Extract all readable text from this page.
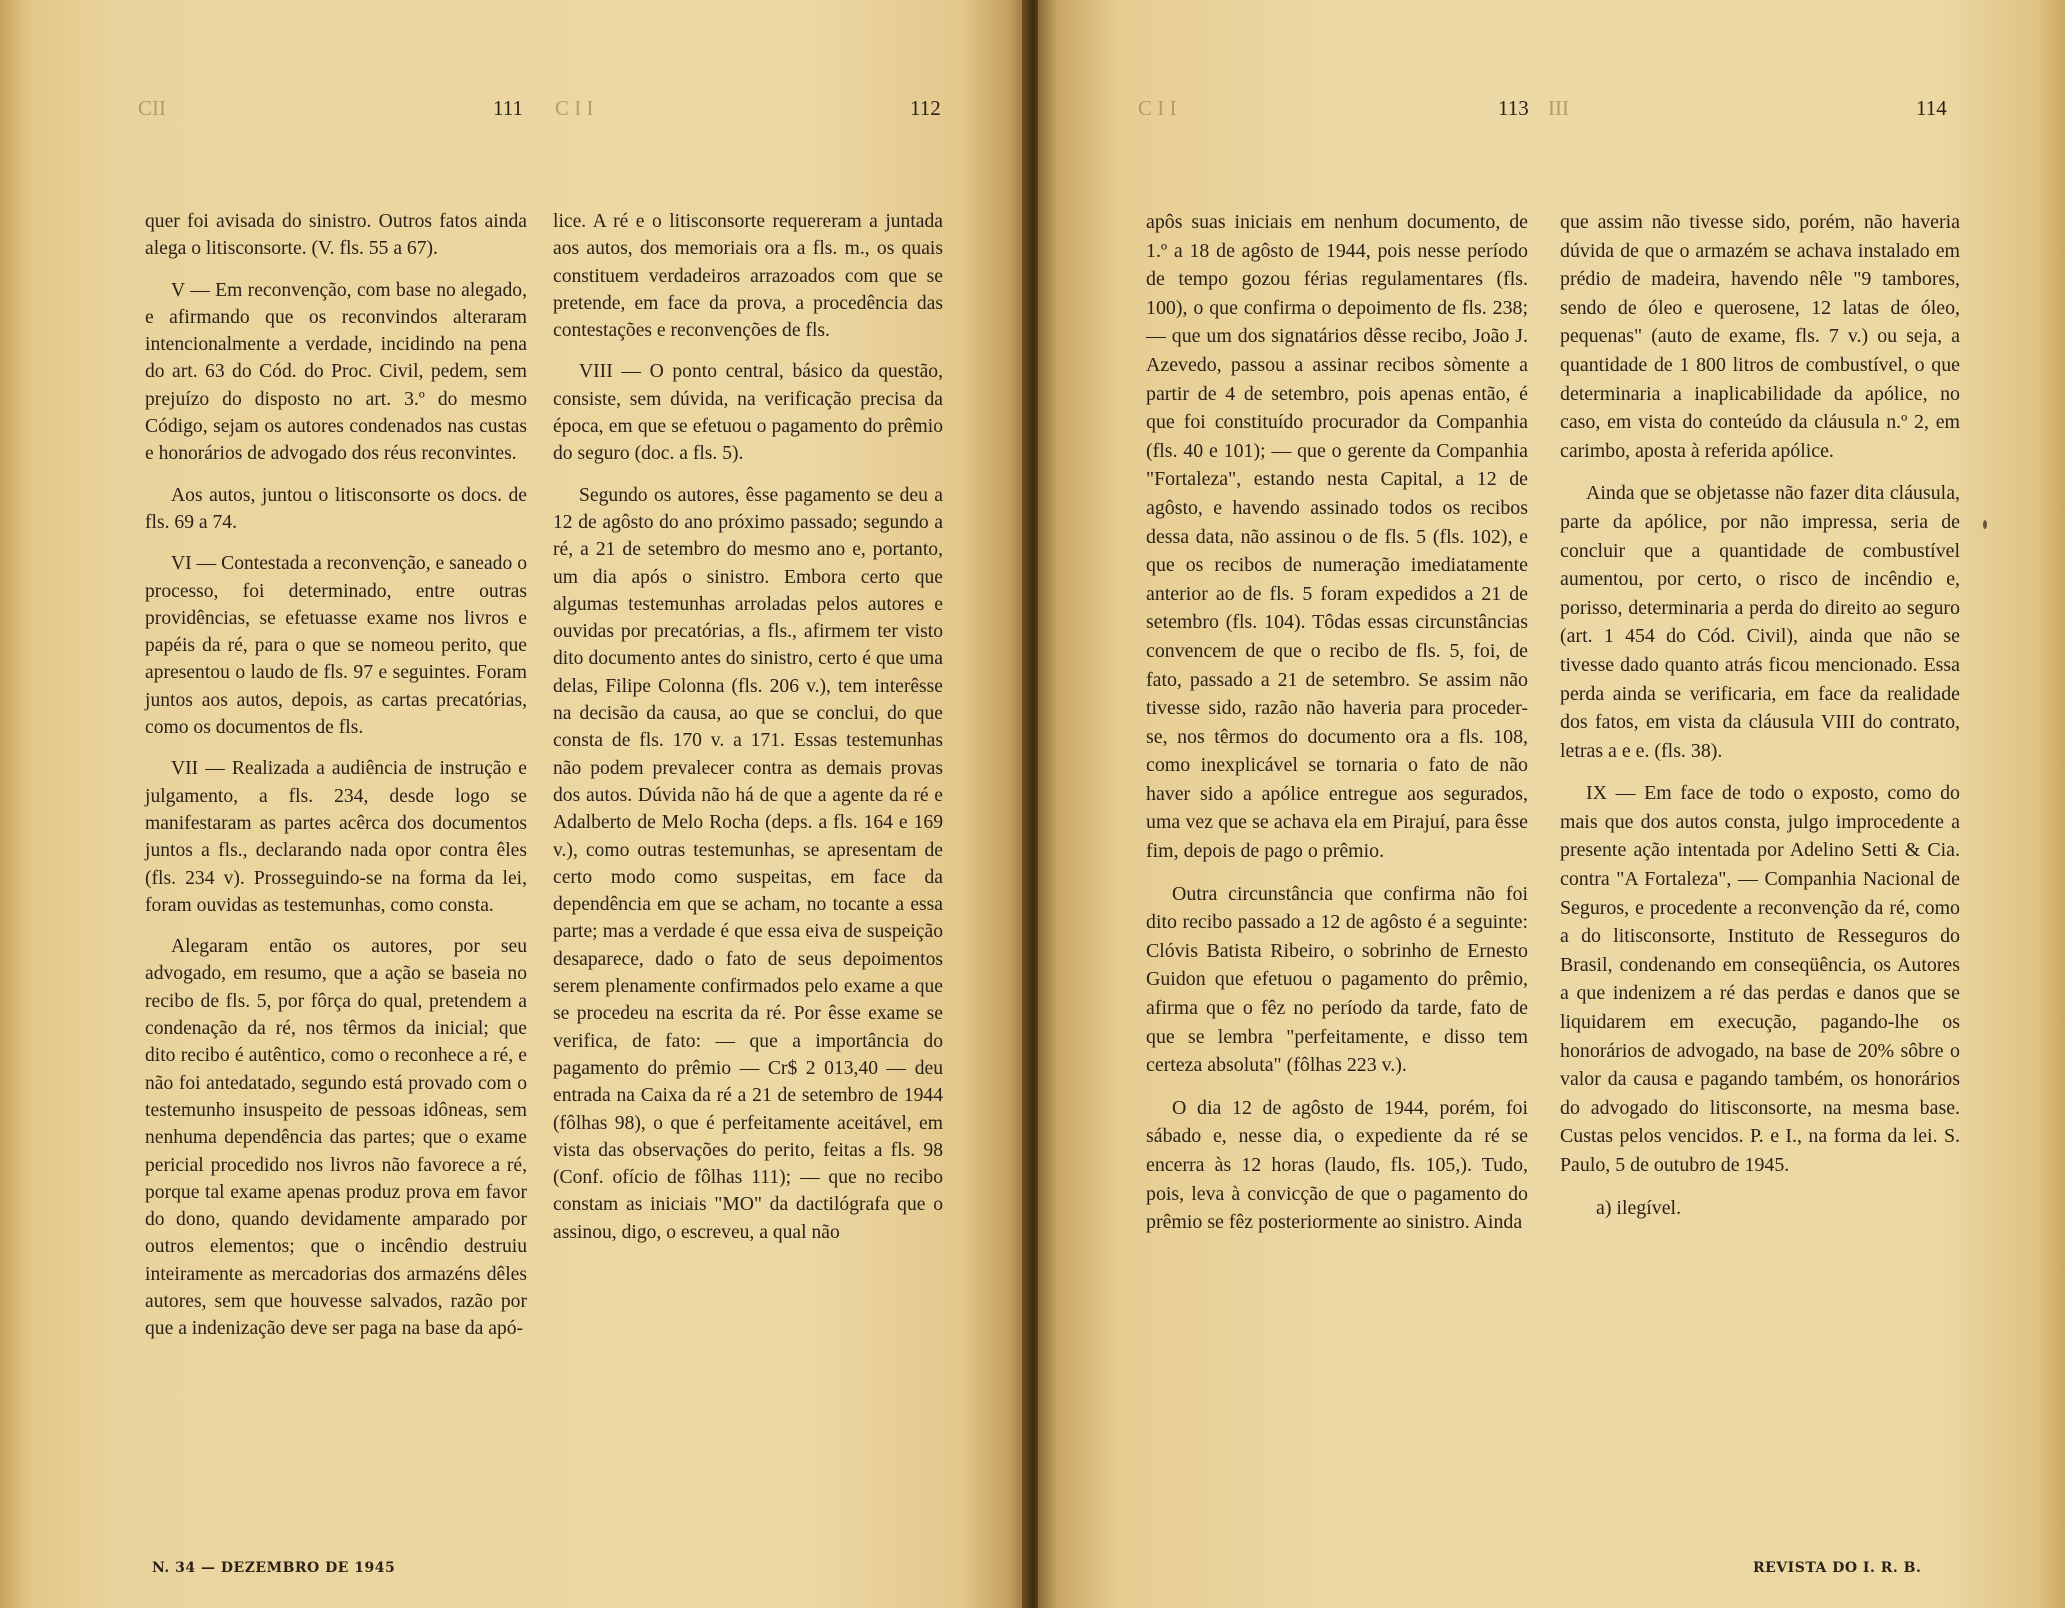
CII	111 C I I	112

quer foi avisada do sinistro. Outros fatos ainda alega o litisconsorte. (V. fls. 55 a 67).

V — Em reconvenção, com base no alegado, e afirmando que os reconvindos alteraram intencionalmente a verdade, incidindo na pena do art. 63 do Cód. do Proc. Civil, pedem, sem prejuízo do disposto no art. 3.º do mesmo Código, sejam os autores condenados nas custas e honorários de advogado dos réus reconvintes.

Aos autos, juntou o litisconsorte os docs. de fls. 69 a 74.

VI — Contestada a reconvenção, e saneado o processo, foi determinado, entre outras providências, se efetuasse exame nos livros e papéis da ré, para o que se nomeou perito, que apresentou o laudo de fls. 97 e seguintes. Foram juntos aos autos, depois, as cartas precatórias, como os documentos de fls.

VII — Realizada a audiência de instrução e julgamento, a fls. 234, desde logo se manifestaram as partes acêrca dos documentos juntos a fls., declarando nada opor contra êles (fls. 234 v). Prosseguindo-se na forma da lei, foram ouvidas as testemunhas, como consta.

Alegaram então os autores, por seu advogado, em resumo, que a ação se baseia no recibo de fls. 5, por fôrça do qual, pretendem a condenação da ré, nos têrmos da inicial; que dito recibo é autêntico, como o reconhece a ré, e não foi antedatado, segundo está provado com o testemunho insuspeito de pessoas idôneas, sem nenhuma dependência das partes; que o exame pericial procedido nos livros não favorece a ré, porque tal exame apenas produz prova em favor do dono, quando devidamente amparado por outros elementos; que o incêndio destruiu inteiramente as mercadorias dos armazéns dêles autores, sem que houvesse salvados, razão por que a indenização deve ser paga na base da apó-

lice. A ré e o litisconsorte requereram a juntada aos autos, dos memoriais ora a fls. m., os quais constituem verdadeiros arrazoados com que se pretende, em face da prova, a procedência das contestações e reconvenções de fls.

VIII — O ponto central, básico da questão, consiste, sem dúvida, na verificação precisa da época, em que se efetuou o pagamento do prêmio do seguro (doc. a fls. 5).

Segundo os autores, êsse pagamento se deu a 12 de agôsto do ano próximo passado; segundo a ré, a 21 de setembro do mesmo ano e, portanto, um dia após o sinistro. Embora certo que algumas testemunhas arroladas pelos autores e ouvidas por precatórias, a fls., afirmem ter visto dito documento antes do sinistro, certo é que uma delas, Filipe Colonna (fls. 206 v.), tem interêsse na decisão da causa, ao que se conclui, do que consta de fls. 170 v. a 171. Essas testemunhas não podem prevalecer contra as demais provas dos autos. Dúvida não há de que a agente da ré e Adalberto de Melo Rocha (deps. a fls. 164 e 169 v.), como outras testemunhas, se apresentam de certo modo como suspeitas, em face da dependência em que se acham, no tocante a essa parte; mas a verdade é que essa eiva de suspeição desaparece, dado o fato de seus depoimentos serem plenamente confirmados pelo exame a que se procedeu na escrita da ré. Por êsse exame se verifica, de fato: — que a importância do pagamento do prêmio — Cr$ 2 013,40 — deu entrada na Caixa da ré a 21 de setembro de 1944 (fôlhas 98), o que é perfeitamente aceitável, em vista das observações do perito, feitas a fls. 98 (Conf. ofício de fôlhas 111); — que no recibo constam as iniciais "MO" da dactilógrafa que o assinou, digo, o escreveu, a qual não

N. 34 — DEZEMBRO DE 1945
C I I	113 III	114

apôs suas iniciais em nenhum documento, de 1.º a 18 de agôsto de 1944, pois nesse período de tempo gozou férias regulamentares (fls. 100), o que confirma o depoimento de fls. 238; — que um dos signatários dêsse recibo, João J. Azevedo, passou a assinar recibos sòmente a partir de 4 de setembro, pois apenas então, é que foi constituído procurador da Companhia (fls. 40 e 101); — que o gerente da Companhia "Fortaleza", estando nesta Capital, a 12 de agôsto, e havendo assinado todos os recibos dessa data, não assinou o de fls. 5 (fls. 102), e que os recibos de numeração imediatamente anterior ao de fls. 5 foram expedidos a 21 de setembro (fls. 104). Tôdas essas circunstâncias convencem de que o recibo de fls. 5, foi, de fato, passado a 21 de setembro. Se assim não tivesse sido, razão não haveria para proceder-se, nos têrmos do documento ora a fls. 108, como inexplicável se tornaria o fato de não haver sido a apólice entregue aos segurados, uma vez que se achava ela em Pirajuí, para êsse fim, depois de pago o prêmio.

Outra circunstância que confirma não foi dito recibo passado a 12 de agôsto é a seguinte: Clóvis Batista Ribeiro, o sobrinho de Ernesto Guidon que efetuou o pagamento do prêmio, afirma que o fêz no período da tarde, fato de que se lembra "perfeitamente, e disso tem certeza absoluta" (fôlhas 223 v.).

O dia 12 de agôsto de 1944, porém, foi sábado e, nesse dia, o expediente da ré se encerra às 12 horas (laudo, fls. 105,). Tudo, pois, leva à convicção de que o pagamento do prêmio se fêz posteriormente ao sinistro. Ainda

que assim não tivesse sido, porém, não haveria dúvida de que o armazém se achava instalado em prédio de madeira, havendo nêle "9 tambores, sendo de óleo e querosene, 12 latas de óleo, pequenas" (auto de exame, fls. 7 v.) ou seja, a quantidade de 1 800 litros de combustível, o que determinaria a inaplicabilidade da apólice, no caso, em vista do conteúdo da cláusula n.º 2, em carimbo, aposta à referida apólice.

Ainda que se objetasse não fazer dita cláusula, parte da apólice, por não impressa, seria de concluir que a quantidade de combustível aumentou, por certo, o risco de incêndio e, porisso, determinaria a perda do direito ao seguro (art. 1 454 do Cód. Civil), ainda que não se tivesse dado quanto atrás ficou mencionado. Essa perda ainda se verificaria, em face da realidade dos fatos, em vista da cláusula VIII do contrato, letras a e e. (fls. 38).

IX — Em face de todo o exposto, como do mais que dos autos consta, julgo improcedente a presente ação intentada por Adelino Setti & Cia. contra "A Fortaleza", — Companhia Nacional de Seguros, e procedente a reconvenção da ré, como a do litisconsorte, Instituto de Resseguros do Brasil, condenando em conseqüência, os Autores a que indenizem a ré das perdas e danos que se liquidarem em execução, pagando-lhe os honorários de advogado, na base de 20% sôbre o valor da causa e pagando também, os honorários do advogado do litisconsorte, na mesma base. Custas pelos vencidos. P. e I., na forma da lei. S. Paulo, 5 de outubro de 1945.

a) ilegível.

REVISTA DO I. R. B.
